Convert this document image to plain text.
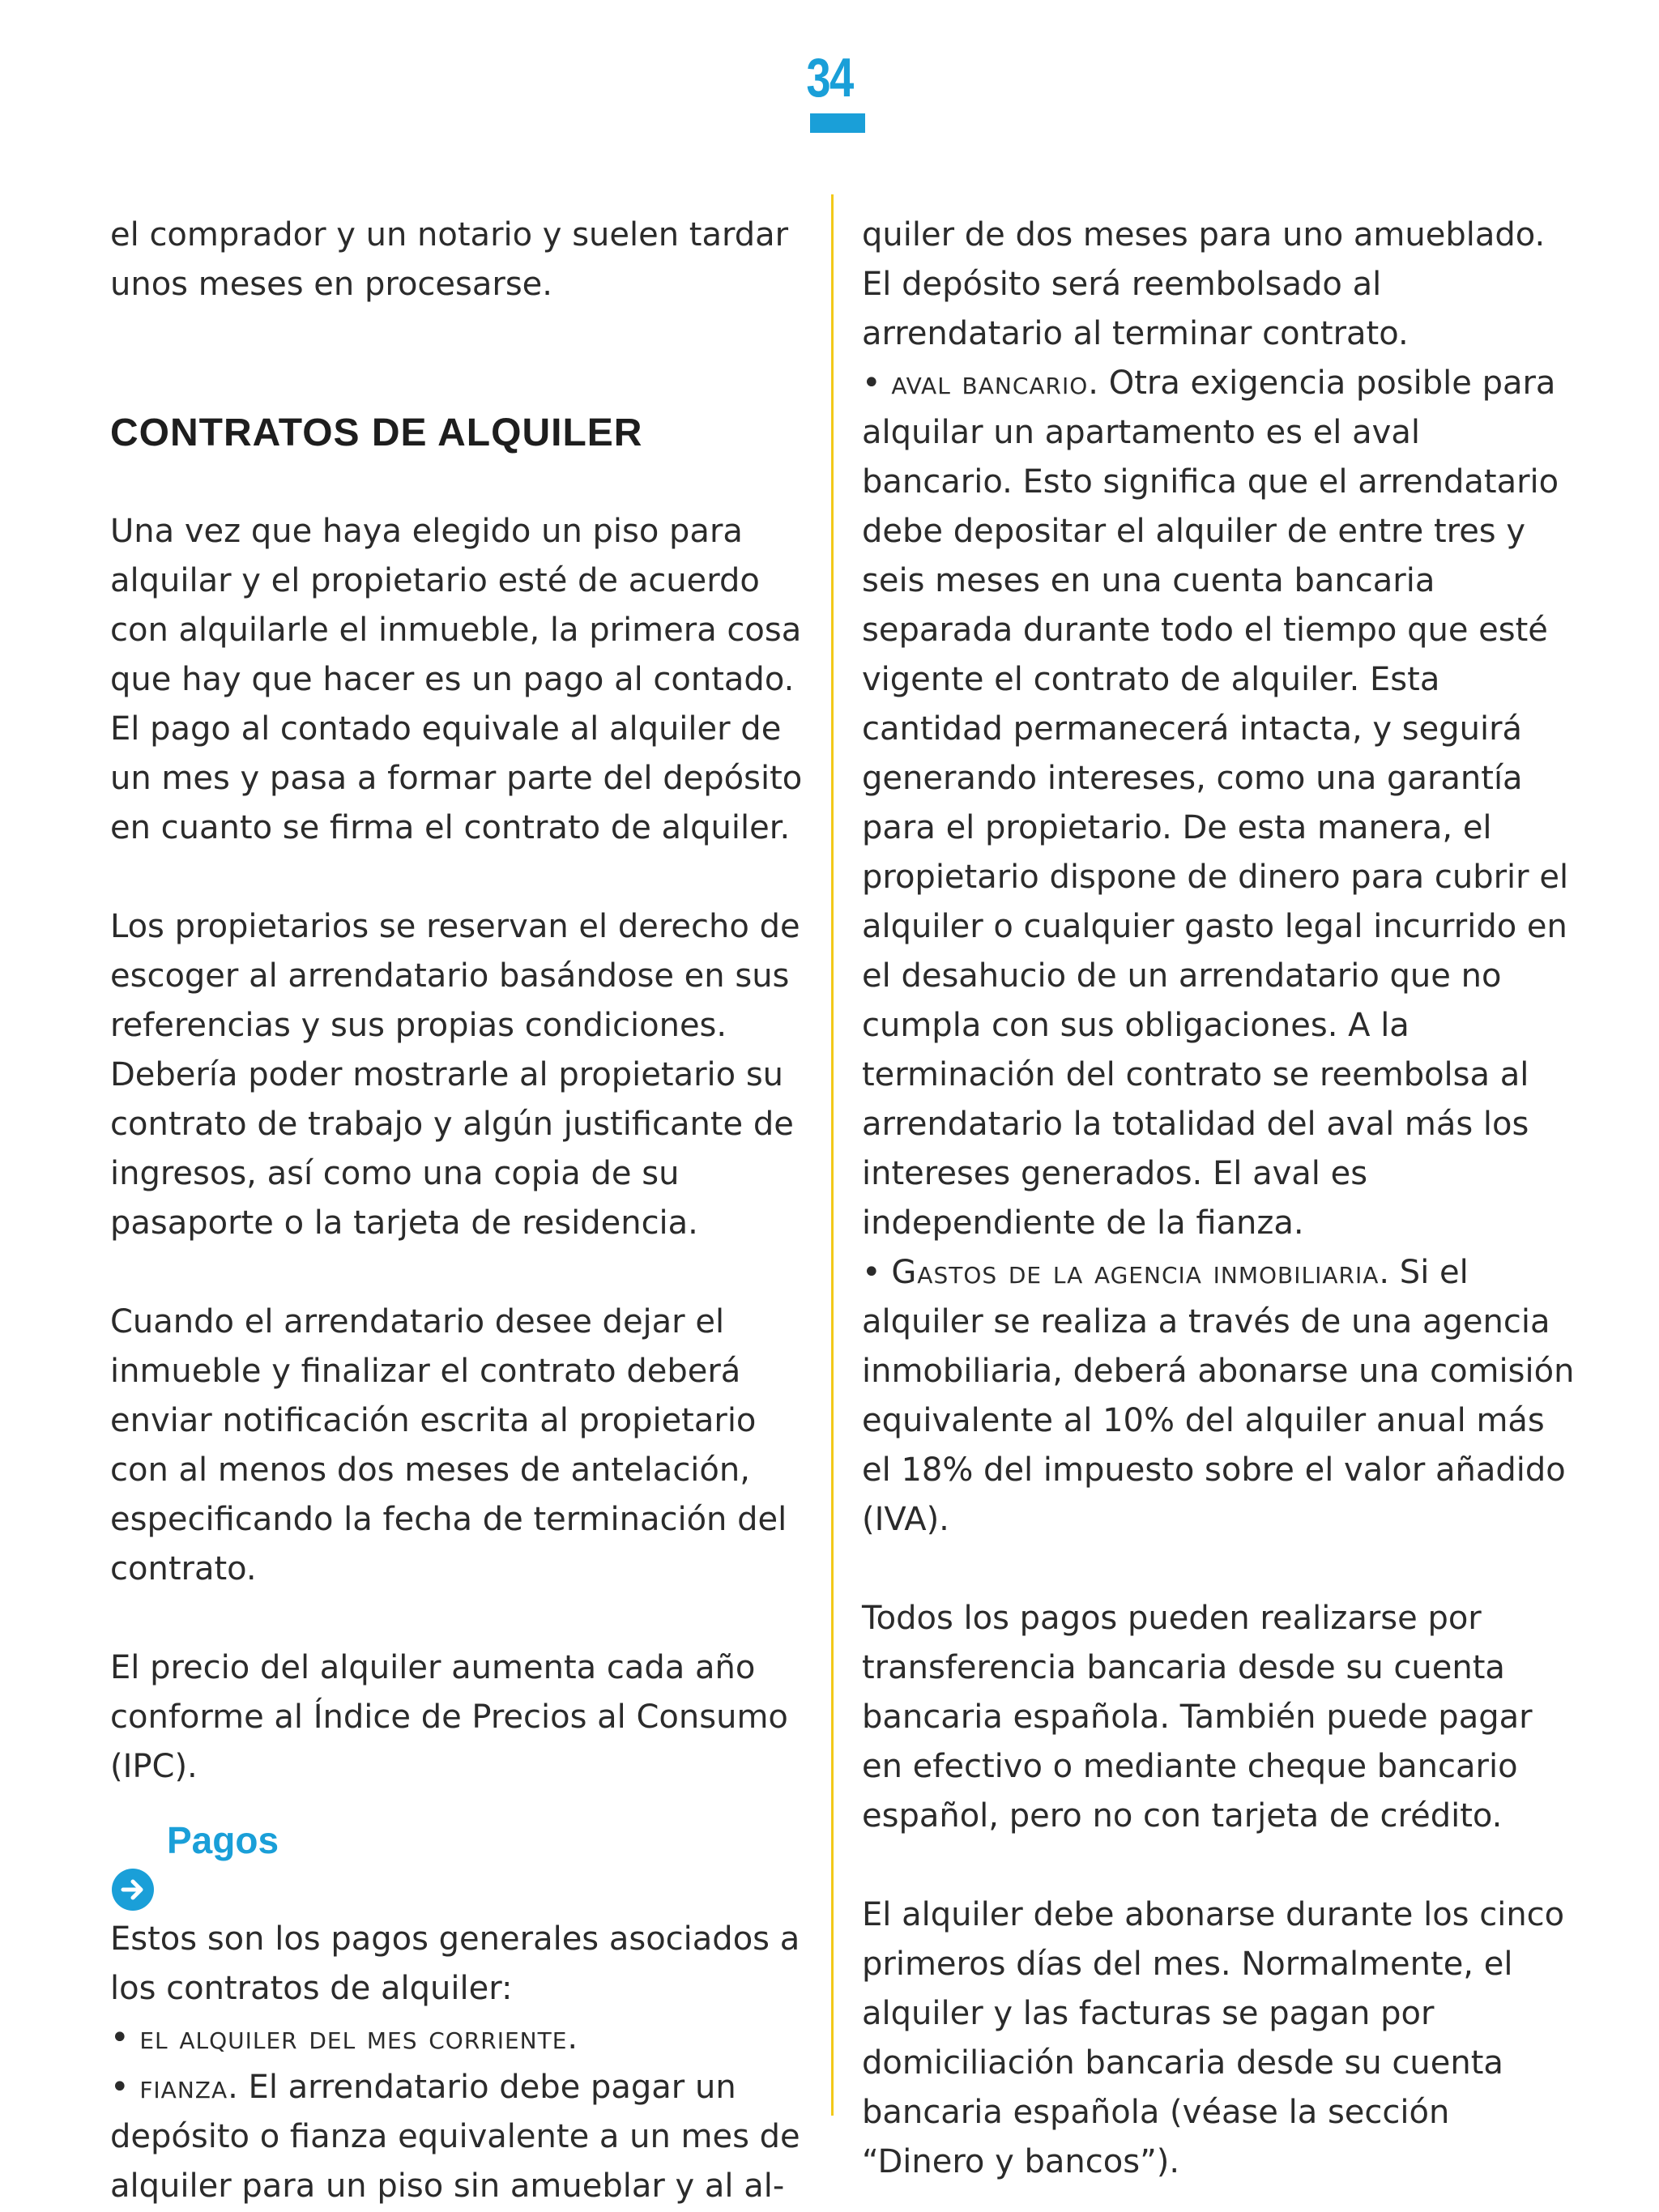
34

el comprador y un notario y suelen tardar unos meses en procesarse.

CONTRATOS DE ALQUILER

Una vez que haya elegido un piso para alquilar y el propietario esté de acuerdo con alquilarle el inmueble, la primera cosa que hay que hacer es un pago al contado. El pago al contado equivale al alquiler de un mes y pasa a formar parte del depósito en cuanto se firma el contrato de alquiler.

Los propietarios se reservan el derecho de escoger al arrendatario basándose en sus referencias y sus propias condiciones. Debería poder mostrarle al propietario su contrato de trabajo y algún justificante de ingresos, así como una copia de su pasaporte o la tarjeta de residencia.

Cuando el arrendatario desee dejar el inmueble y finalizar el contrato deberá enviar notificación escrita al propietario con al menos dos meses de antelación, especificando la fecha de terminación del contrato.

El precio del alquiler aumenta cada año conforme al Índice de Precios al Consumo (IPC).

Pagos

Estos son los pagos generales asociados a los contratos de alquiler:

• el alquiler del mes corriente.

• fianza. El arrendatario debe pagar un depósito o fianza equivalente a un mes de alquiler para un piso sin amueblar y al al-

quiler de dos meses para uno amueblado. El depósito será reembolsado al arrendatario al terminar contrato.

• aval bancario. Otra exigencia posible para alquilar un apartamento es el aval bancario. Esto significa que el arrendatario debe depositar el alquiler de entre tres y seis meses en una cuenta bancaria separada durante todo el tiempo que esté vigente el contrato de alquiler. Esta cantidad permanecerá intacta, y seguirá generando intereses, como una garantía para el propietario. De esta manera, el propietario dispone de dinero para cubrir el alquiler o cualquier gasto legal incurrido en el desahucio de un arrendatario que no cumpla con sus obligaciones. A la terminación del contrato se reembolsa al arrendatario la totalidad del aval más los intereses generados. El aval es independiente de la fianza.

• Gastos de la agencia inmobiliaria. Si el alquiler se realiza a través de una agencia inmobiliaria, deberá abonarse una comisión equivalente al 10% del alquiler anual más el 18% del impuesto sobre el valor añadido (IVA).

Todos los pagos pueden realizarse por transferencia bancaria desde su cuenta bancaria española. También puede pagar en efectivo o mediante cheque bancario español, pero no con tarjeta de crédito.

El alquiler debe abonarse durante los cinco primeros días del mes. Normalmente, el alquiler y las facturas se pagan por domiciliación bancaria desde su cuenta bancaria española (véase la sección “Dinero y bancos”).
